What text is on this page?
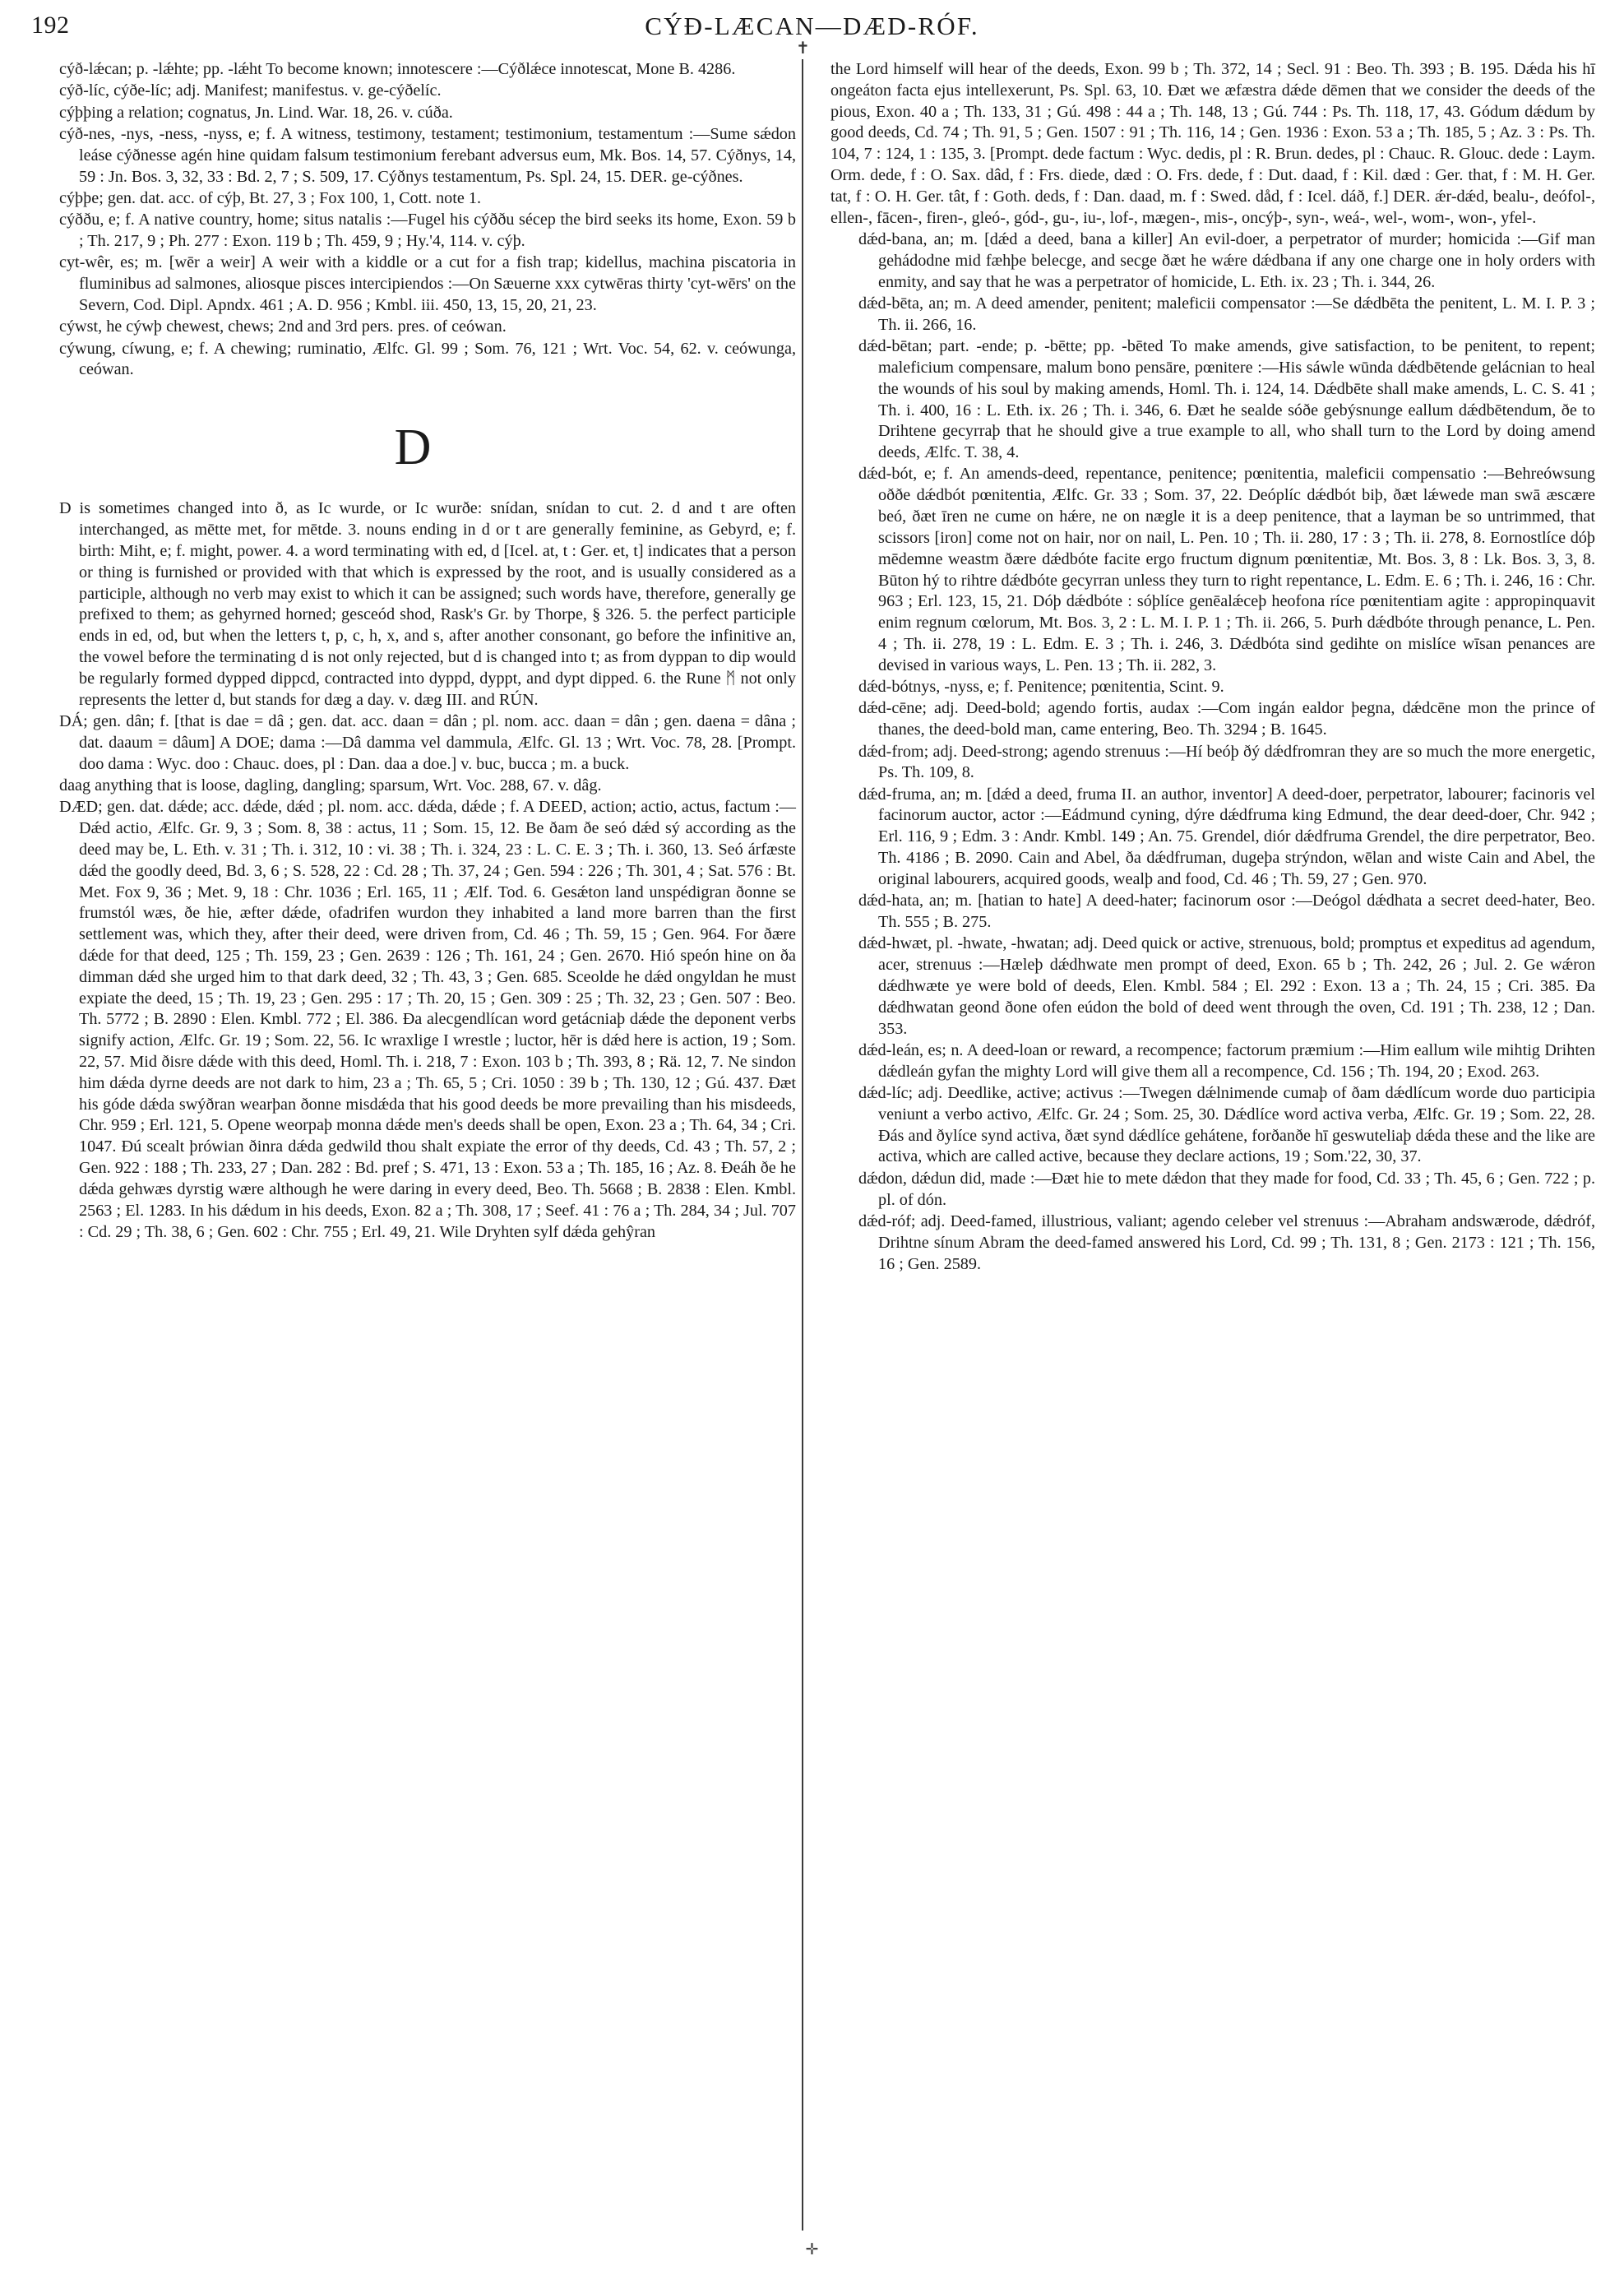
192	CÝÐ-LÆCAN—DÆD-RÓF.
✝

cýð-lǽcan; p. -lǽhte; pp. -lǽht To become known; innotescere :—Cýðlǽce innotescat, Mone B. 4286.

cýð-líc, cýðe-líc; adj. Manifest; manifestus. v. ge-cýðelíc.

cýþþing a relation; cognatus, Jn. Lind. War. 18, 26. v. cúða.

cýð-nes, -nys, -ness, -nyss, e; f. A witness, testimony, testament; testimonium, testamentum :—Sume sǽdon leáse cýðnesse agén hine quidam falsum testimonium ferebant adversus eum, Mk. Bos. 14, 57. Cýðnys, 14, 59 : Jn. Bos. 3, 32, 33 : Bd. 2, 7 ; S. 509, 17. Cýðnys testamentum, Ps. Spl. 24, 15. DER. ge-cýðnes.

cýþþe; gen. dat. acc. of cýþ, Bt. 27, 3 ; Fox 100, 1, Cott. note 1.

cýððu, e; f. A native country, home; situs natalis :—Fugel his cýððu sécep the bird seeks its home, Exon. 59 b ; Th. 217, 9 ; Ph. 277 : Exon. 119 b ; Th. 459, 9 ; Hy.'4, 114. v. cýþ.

cyt-wêr, es; m. [wēr a weir] A weir with a kiddle or a cut for a fish trap; kidellus, machina piscatoria in fluminibus ad salmones, aliosque pisces intercipiendos :—On Sæuerne xxx cytwēras thirty 'cyt-wērs' on the Severn, Cod. Dipl. Apndx. 461 ; A. D. 956 ; Kmbl. iii. 450, 13, 15, 20, 21, 23.

cýwst, he cýwþ chewest, chews; 2nd and 3rd pers. pres. of ceówan.

cýwung, cíwung, e; f. A chewing; ruminatio, Ælfc. Gl. 99 ; Som. 76, 121 ; Wrt. Voc. 54, 62. v. ceówunga, ceówan.

D

D is sometimes changed into ð, as Ic wurde, or Ic wurðe: snídan, snídan to cut. 2. d and t are often interchanged, as mētte met, for mētde. 3. nouns ending in d or t are generally feminine, as Gebyrd, e; f. birth: Miht, e; f. might, power. 4. a word terminating with ed, d [Icel. at, t : Ger. et, t] indicates that a person or thing is furnished or provided with that which is expressed by the root, and is usually considered as a participle, although no verb may exist to which it can be assigned; such words have, therefore, generally ge prefixed to them; as gehyrned horned; gesceód shod, Rask's Gr. by Thorpe, § 326. 5. the perfect participle ends in ed, od, but when the letters t, p, c, h, x, and s, after another consonant, go before the infinitive an, the vowel before the terminating d is not only rejected, but d is changed into t; as from dyppan to dip would be regularly formed dypped dippcd, contracted into dyppd, dyppt, and dypt dipped. 6. the Rune ᛗ not only represents the letter d, but stands for dæg a day. v. dæg III. and RÚN.

DÁ; gen. dân; f. [that is dae = dâ ; gen. dat. acc. daan = dân ; pl. nom. acc. daan = dân ; gen. daena = dâna ; dat. daaum = dâum] A DOE; dama :—Dâ damma vel dammula, Ælfc. Gl. 13 ; Wrt. Voc. 78, 28. [Prompt. doo dama : Wyc. doo : Chauc. does, pl : Dan. daa a doe.] v. buc, bucca ; m. a buck.

daag anything that is loose, dagling, dangling; sparsum, Wrt. Voc. 288, 67. v. dâg.

DÆD; gen. dat. dǽde; acc. dǽde, dǽd ; pl. nom. acc. dǽda, dǽde ; f. A DEED, action; actio, actus, factum :—Dǽd actio, Ælfc. Gr. 9, 3 ; Som. 8, 38 : actus, 11 ; Som. 15, 12. Be ðam ðe seó dǽd sý according as the deed may be, L. Eth. v. 31 ; Th. i. 312, 10 : vi. 38 ; Th. i. 324, 23 : L. C. E. 3 ; Th. i. 360, 13. Seó árfæste dǽd the goodly deed, Bd. 3, 6 ; S. 528, 22 : Cd. 28 ; Th. 37, 24 ; Gen. 594 : 226 ; Th. 301, 4 ; Sat. 576 : Bt. Met. Fox 9, 36 ; Met. 9, 18 : Chr. 1036 ; Erl. 165, 11 ; Ælf. Tod. 6. Gesǽton land unspédigran ðonne se frumstól wæs, ðe hie, æfter dǽde, ofadrifen wurdon they inhabited a land more barren than the first settlement was, which they, after their deed, were driven from, Cd. 46 ; Th. 59, 15 ; Gen. 964. For ðære dǽde for that deed, 125 ; Th. 159, 23 ; Gen. 2639 : 126 ; Th. 161, 24 ; Gen. 2670. Hió speón hine on ða dimman dǽd she urged him to that dark deed, 32 ; Th. 43, 3 ; Gen. 685. Sceolde he dǽd ongyldan he must expiate the deed, 15 ; Th. 19, 23 ; Gen. 295 : 17 ; Th. 20, 15 ; Gen. 309 : 25 ; Th. 32, 23 ; Gen. 507 : Beo. Th. 5772 ; B. 2890 : Elen. Kmbl. 772 ; El. 386. Ða alecgendlícan word getácniaþ dǽde the deponent verbs signify action, Ælfc. Gr. 19 ; Som. 22, 56. Ic wraxlige I wrestle ; luctor, hēr is dǽd here is action, 19 ; Som. 22, 57. Mid ðisre dǽde with this deed, Homl. Th. i. 218, 7 : Exon. 103 b ; Th. 393, 8 ; Rä. 12, 7. Ne sindon him dǽda dyrne deeds are not dark to him, 23 a ; Th. 65, 5 ; Cri. 1050 : 39 b ; Th. 130, 12 ; Gú. 437. Ðæt his góde dǽda swýðran wearþan ðonne misdǽda that his good deeds be more prevailing than his misdeeds, Chr. 959 ; Erl. 121, 5. Opene weorpaþ monna dǽde men's deeds shall be open, Exon. 23 a ; Th. 64, 34 ; Cri. 1047. Ðú scealt þrówian ðinra dǽda gedwild thou shalt expiate the error of thy deeds, Cd. 43 ; Th. 57, 2 ; Gen. 922 : 188 ; Th. 233, 27 ; Dan. 282 : Bd. pref ; S. 471, 13 : Exon. 53 a ; Th. 185, 16 ; Az. 8. Ðeáh ðe he dǽda gehwæs dyrstig wære although he were daring in every deed, Beo. Th. 5668 ; B. 2838 : Elen. Kmbl. 2563 ; El. 1283. In his dǽdum in his deeds, Exon. 82 a ; Th. 308, 17 ; Seef. 41 : 76 a ; Th. 284, 34 ; Jul. 707 : Cd. 29 ; Th. 38, 6 ; Gen. 602 : Chr. 755 ; Erl. 49, 21. Wile Dryhten sylf dǽda gehŷran

the Lord himself will hear of the deeds, Exon. 99 b ; Th. 372, 14 ; Secl. 91 : Beo. Th. 393 ; B. 195. Dǽda his hī ongeáton facta ejus intellexerunt, Ps. Spl. 63, 10. Ðæt we æfæstra dǽde dēmen that we consider the deeds of the pious, Exon. 40 a ; Th. 133, 31 ; Gú. 498 : 44 a ; Th. 148, 13 ; Gú. 744 : Ps. Th. 118, 17, 43. Gódum dǽdum by good deeds, Cd. 74 ; Th. 91, 5 ; Gen. 1507 : 91 ; Th. 116, 14 ; Gen. 1936 : Exon. 53 a ; Th. 185, 5 ; Az. 3 : Ps. Th. 104, 7 : 124, 1 : 135, 3. [Prompt. dede factum : Wyc. dedis, pl : R. Brun. dedes, pl : Chauc. R. Glouc. dede : Laym. Orm. dede, f : O. Sax. dâd, f : Frs. diede, dæd : O. Frs. dede, f : Dut. daad, f : Kil. dæd : Ger. that, f : M. H. Ger. tat, f : O. H. Ger. tât, f : Goth. deds, f : Dan. daad, m. f : Swed. dåd, f : Icel. dáð, f.] DER. ǽr-dǽd, bealu-, deófol-, ellen-, fācen-, firen-, gleó-, gód-, gu-, iu-, lof-, mægen-, mis-, oncýþ-, syn-, weá-, wel-, wom-, won-, yfel-.

dǽd-bana, an; m. [dǽd a deed, bana a killer] An evil-doer, a perpetrator of murder; homicida :—Gif man gehádodne mid fæhþe belecge, and secge ðæt he wǽre dǽdbana if any one charge one in holy orders with enmity, and say that he was a perpetrator of homicide, L. Eth. ix. 23 ; Th. i. 344, 26.

dǽd-bēta, an; m. A deed amender, penitent; maleficii compensator :—Se dǽdbēta the penitent, L. M. I. P. 3 ; Th. ii. 266, 16.

dǽd-bētan; part. -ende; p. -bētte; pp. -bēted To make amends, give satisfaction, to be penitent, to repent; maleficium compensare, malum bono pensāre, pœnitere :—His sáwle wūnda dǽdbētende gelácnian to heal the wounds of his soul by making amends, Homl. Th. i. 124, 14. Dǽdbēte shall make amends, L. C. S. 41 ; Th. i. 400, 16 : L. Eth. ix. 26 ; Th. i. 346, 6. Ðæt he sealde sóðe gebýsnunge eallum dǽdbētendum, ðe to Drihtene gecyrraþ that he should give a true example to all, who shall turn to the Lord by doing amend deeds, Ælfc. T. 38, 4.

dǽd-bót, e; f. An amends-deed, repentance, penitence; pœnitentia, maleficii compensatio :—Behreówsung oððe dǽdbót pœnitentia, Ælfc. Gr. 33 ; Som. 37, 22. Deóplíc dǽdbót biþ, ðæt lǽwede man swā æscære beó, ðæt īren ne cume on hǽre, ne on nægle it is a deep penitence, that a layman be so untrimmed, that scissors [iron] come not on hair, nor on nail, L. Pen. 10 ; Th. ii. 280, 17 : 3 ; Th. ii. 278, 8. Eornostlíce dóþ mēdemne weastm ðære dǽdbóte facite ergo fructum dignum pœnitentiæ, Mt. Bos. 3, 8 : Lk. Bos. 3, 3, 8. Būton hý to rihtre dǽdbóte gecyrran unless they turn to right repentance, L. Edm. E. 6 ; Th. i. 246, 16 : Chr. 963 ; Erl. 123, 15, 21. Dóþ dǽdbóte : sóþlíce genēalǽceþ heofona ríce pœnitentiam agite : appropinquavit enim regnum cœlorum, Mt. Bos. 3, 2 : L. M. I. P. 1 ; Th. ii. 266, 5. Þurh dǽdbóte through penance, L. Pen. 4 ; Th. ii. 278, 19 : L. Edm. E. 3 ; Th. i. 246, 3. Dǽdbóta sind gedihte on mislíce wīsan penances are devised in various ways, L. Pen. 13 ; Th. ii. 282, 3.

dǽd-bótnys, -nyss, e; f. Penitence; pœnitentia, Scint. 9.

dǽd-cēne; adj. Deed-bold; agendo fortis, audax :—Com ingán ealdor þegna, dǽdcēne mon the prince of thanes, the deed-bold man, came entering, Beo. Th. 3294 ; B. 1645.

dǽd-from; adj. Deed-strong; agendo strenuus :—Hí beóþ ðý dǽdfromran they are so much the more energetic, Ps. Th. 109, 8.

dǽd-fruma, an; m. [dǽd a deed, fruma II. an author, inventor] A deed-doer, perpetrator, labourer; facinoris vel facinorum auctor, actor :—Eádmund cyning, dýre dǽdfruma king Edmund, the dear deed-doer, Chr. 942 ; Erl. 116, 9 ; Edm. 3 : Andr. Kmbl. 149 ; An. 75. Grendel, diór dǽdfruma Grendel, the dire perpetrator, Beo. Th. 4186 ; B. 2090. Cain and Abel, ða dǽdfruman, dugeþa strýndon, wēlan and wiste Cain and Abel, the original labourers, acquired goods, wealþ and food, Cd. 46 ; Th. 59, 27 ; Gen. 970.

dǽd-hata, an; m. [hatian to hate] A deed-hater; facinorum osor :—Deógol dǽdhata a secret deed-hater, Beo. Th. 555 ; B. 275.

dǽd-hwæt, pl. -hwate, -hwatan; adj. Deed quick or active, strenuous, bold; promptus et expeditus ad agendum, acer, strenuus :—Hæleþ dǽdhwate men prompt of deed, Exon. 65 b ; Th. 242, 26 ; Jul. 2. Ge wǽron dǽdhwæte ye were bold of deeds, Elen. Kmbl. 584 ; El. 292 : Exon. 13 a ; Th. 24, 15 ; Cri. 385. Ða dǽdhwatan geond ðone ofen eúdon the bold of deed went through the oven, Cd. 191 ; Th. 238, 12 ; Dan. 353.

dǽd-leán, es; n. A deed-loan or reward, a recompence; factorum præmium :—Him eallum wile mihtig Drihten dǽdleán gyfan the mighty Lord will give them all a recompence, Cd. 156 ; Th. 194, 20 ; Exod. 263.

dǽd-líc; adj. Deedlike, active; activus :—Twegen dǽlnimende cumaþ of ðam dǽdlícum worde duo participia veniunt a verbo activo, Ælfc. Gr. 24 ; Som. 25, 30. Dǽdlíce word activa verba, Ælfc. Gr. 19 ; Som. 22, 28. Ðás and ðylíce synd activa, ðæt synd dǽdlíce gehátene, forðanðe hī geswuteliaþ dǽda these and the like are activa, which are called active, because they declare actions, 19 ; Som.'22, 30, 37.

dǽdon, dǽdun did, made :—Ðæt hie to mete dǽdon that they made for food, Cd. 33 ; Th. 45, 6 ; Gen. 722 ; p. pl. of dón.

dǽd-róf; adj. Deed-famed, illustrious, valiant; agendo celeber vel strenuus :—Abraham andswærode, dǽdróf, Drihtne sínum Abram the deed-famed answered his Lord, Cd. 99 ; Th. 131, 8 ; Gen. 2173 : 121 ; Th. 156, 16 ; Gen. 2589.

✛
